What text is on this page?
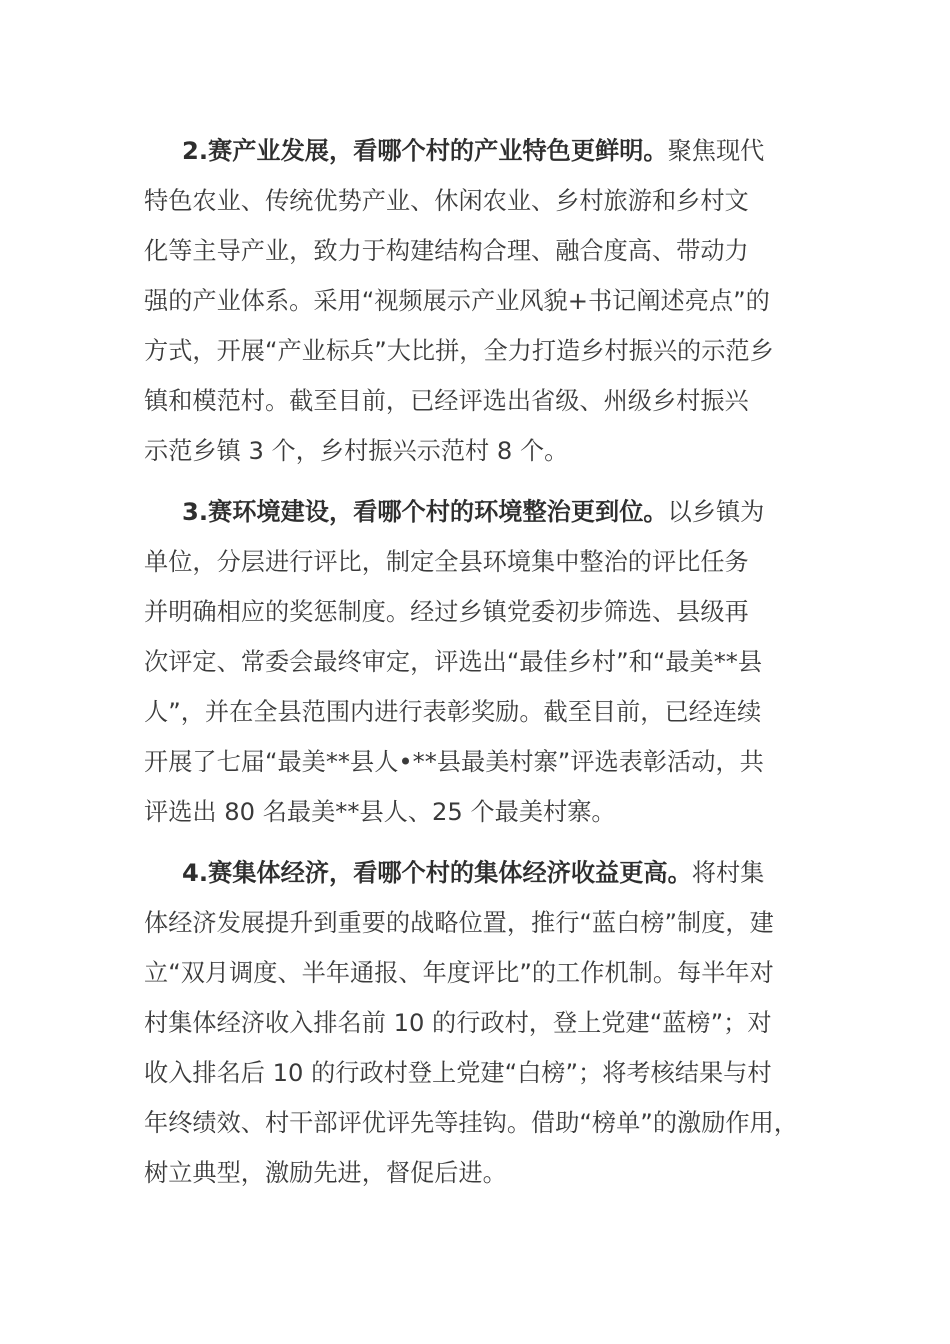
2.赛产业发展，看哪个村的产业特色更鲜明。聚焦现代
特色农业、传统优势产业、休闲农业、乡村旅游和乡村文
化等主导产业，致力于构建结构合理、融合度高、带动力
强的产业体系。采用“视频展示产业风貌+书记阐述亮点”的
方式，开展“产业标兵”大比拼，全力打造乡村振兴的示范乡
镇和模范村。截至目前，已经评选出省级、州级乡村振兴
示范乡镇 3 个，乡村振兴示范村 8 个。
3.赛环境建设，看哪个村的环境整治更到位。以乡镇为
单位，分层进行评比，制定全县环境集中整治的评比任务
并明确相应的奖惩制度。经过乡镇党委初步筛选、县级再
次评定、常委会最终审定，评选出“最佳乡村”和“最美**县
人”，并在全县范围内进行表彰奖励。截至目前，已经连续
开展了七届“最美**县人•**县最美村寨”评选表彰活动，共
评选出 80 名最美**县人、25 个最美村寨。
4.赛集体经济，看哪个村的集体经济收益更高。将村集
体经济发展提升到重要的战略位置，推行“蓝白榜”制度，建
立“双月调度、半年通报、年度评比”的工作机制。每半年对
村集体经济收入排名前 10 的行政村，登上党建“蓝榜”；对
收入排名后 10 的行政村登上党建“白榜”；将考核结果与村
年终绩效、村干部评优评先等挂钩。借助“榜单”的激励作用，
树立典型，激励先进，督促后进。
